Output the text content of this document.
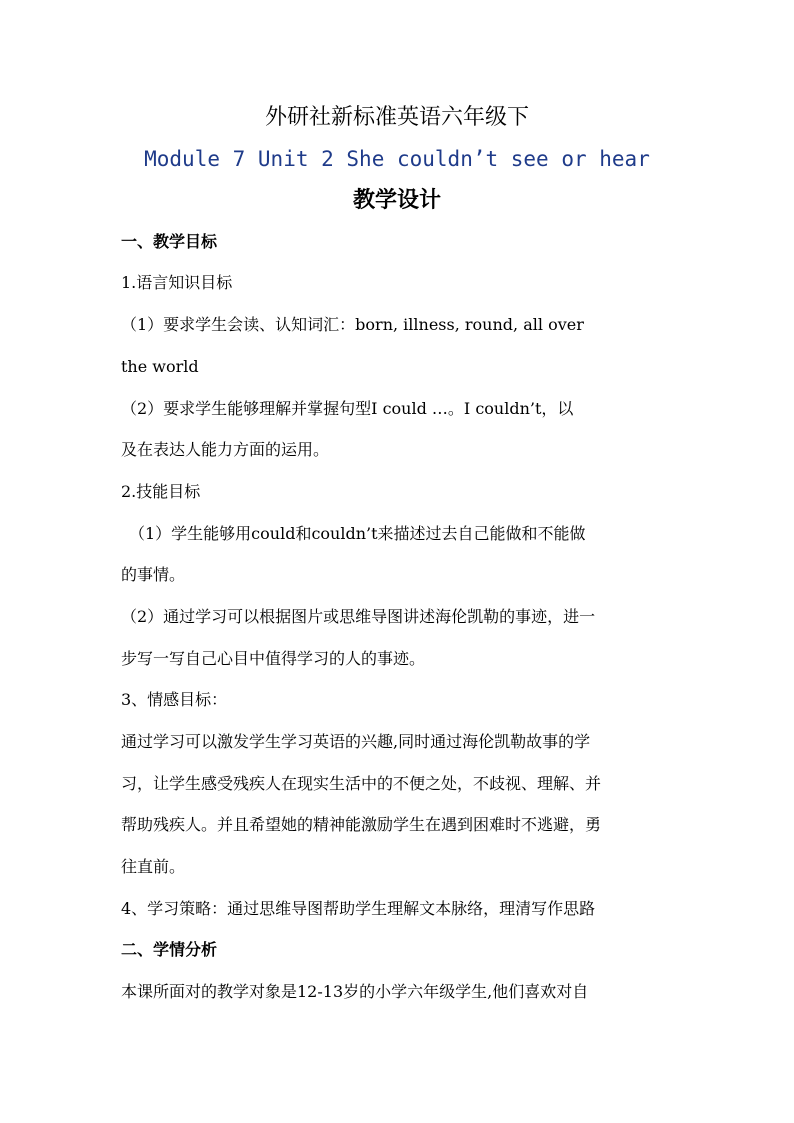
外研社新标准英语六年级下
Module 7 Unit 2 She couldn’t see or hear
教学设计
一、教学目标
1.语言知识目标
（1）要求学生会读、认知词汇：born, illness, round, all over
the world
（2）要求学生能够理解并掌握句型I could …。I couldn’t，以
及在表达人能力方面的运用。
2.技能目标
（1）学生能够用could和couldn’t来描述过去自己能做和不能做
的事情。
（2）通过学习可以根据图片或思维导图讲述海伦凯勒的事迹，进一
步写一写自己心目中值得学习的人的事迹。
3、情感目标：
通过学习可以激发学生学习英语的兴趣,同时通过海伦凯勒故事的学
习，让学生感受残疾人在现实生活中的不便之处，不歧视、理解、并
帮助残疾人。并且希望她的精神能激励学生在遇到困难时不逃避，勇
往直前。
4、学习策略：通过思维导图帮助学生理解文本脉络，理清写作思路
二、学情分析
本课所面对的教学对象是12-13岁的小学六年级学生,他们喜欢对自
